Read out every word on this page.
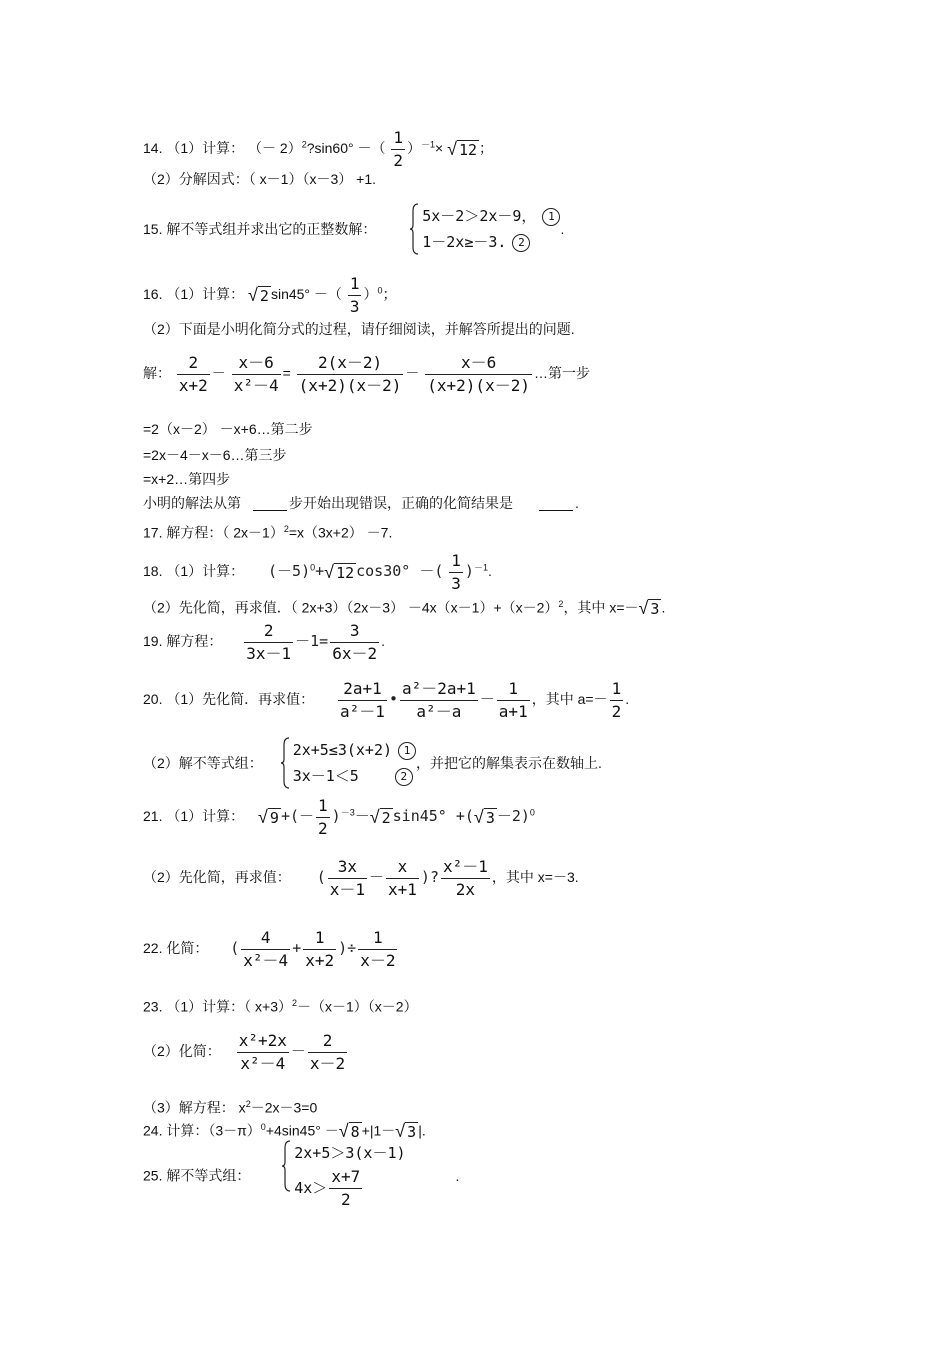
14. （1）计算： （－ 2）$^2$?sin60° －（ $\frac{1}{2} )^{-1}\times$ √ 12 ；
（2）分解因式：（ x－1）（x－3） +1.
15. 解不等式组并求出它的正整数解：
5x－2＞2x－9， 1
1－2x≥－3. 2
.
16. （1）计算： √ 2 sin45° －（ $\frac{1}{3} )^0$；
（2）下面是小明化简分式的过程，请仔细阅读，并解答所提出的问题.
解： $\frac{2}{x+2} - \frac{x-6}{\text{x²－4}} = \frac{2(x-2)}{(x+2)(x-2)} - \frac{x-6}{(x+2)(x-2)}$ …第一步
=2（x－2） －x+6…第二步
=2x－4－x－6…第三步
=x+2…第四步
小明的解法从第	步开始出现错误，正确的化简结果是	.
17. 解方程：（ 2x－1）$^2$=x（3x+2） －7.
18. （1）计算： $(-5)^0+√$ 12 cos30° －( $\frac{1}{3} )^{-1}$.
（2）先化简，再求值．（ $2x+3)(2x-3) -4x(x-1)+(x-2)^2$，其中 x=－√ 3 .
19. 解方程： $\frac{2}{3x-1} -1= \frac{3}{6x-2}$ .
20. （1）先化简．再求值： $\frac{2a+1}{\text{a²－1}}$ • $\frac{\text{a²－2a+1}}{\text{a²－a}} - \frac{1}{a+1}$ ，其中 $a=- \frac{1}{2}$ .
（2）解不等式组：
2x+5≤3(x+2) 1
3x－1＜5	2
，并把它的解集表示在数轴上.
21. （1）计算： √ 9 +(－ $\frac{1}{2} )^{-3}-√$ 2 sin45° +(√ 3 －2)$^0$
（2）先化简，再求值： ( $\frac{3x}{x-1} - \frac{x}{x+1}$ )? $\frac{\text{x²－1}}{2x}$ ，其中 x=－3.
22. 化简： ( $\frac{4}{\text{x²－4}} + \frac{1}{x+2}$ )÷ $\frac{1}{x-2}$
23. （1）计算：（ x+3）$^2$－（x－1）（x－2）
（2）化简： $\frac{\text{x²+2x}}{\text{x²－4}} - \frac{2}{x-2}$
（3）解方程： $x^2-2x-3=0$
24. 计算：$(3-\pi)^0+4\sin 45^\circ$ －√ 8 +|1－√ 3 |.
25. 解不等式组：
2x+5＞3(x－1)
$4x> \frac{x+7}{2}$	.
